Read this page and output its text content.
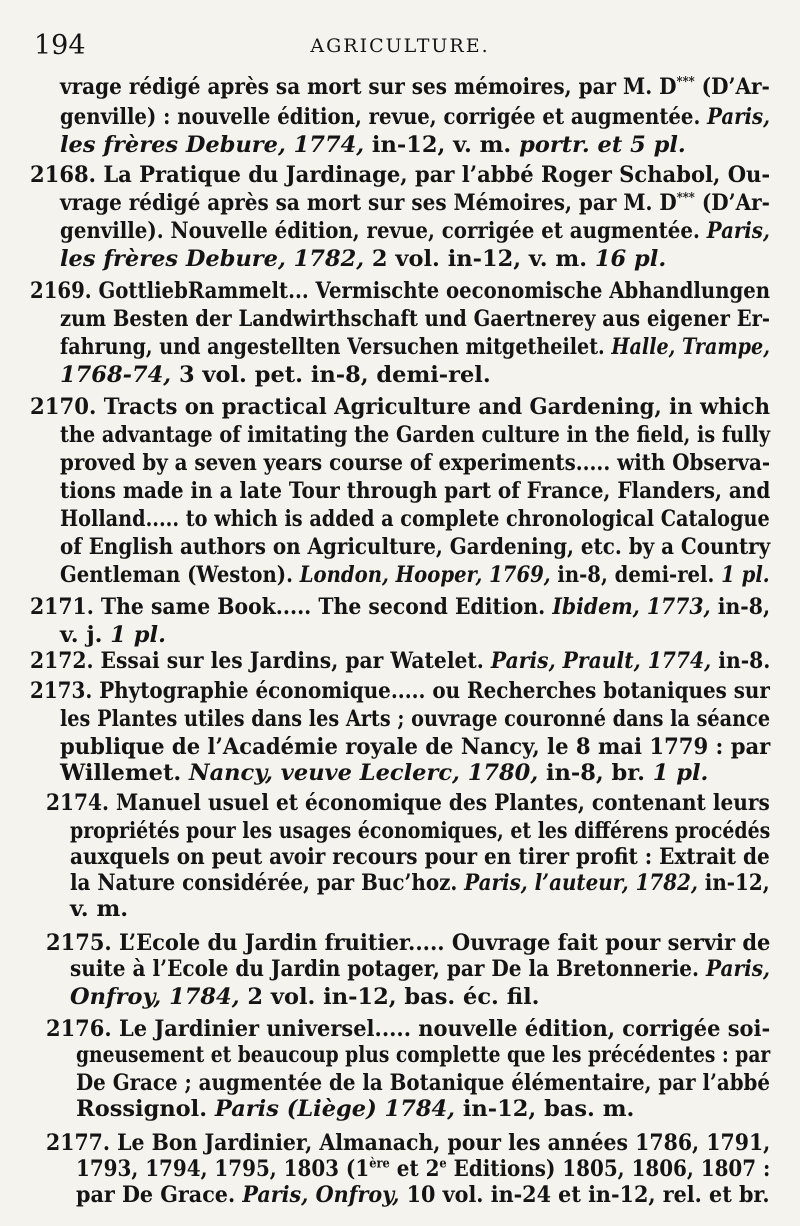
194	AGRICULTURE.
vrage rédigé après sa mort sur ses mémoires, par M. D*** (D’Ar-
genville) : nouvelle édition, revue, corrigée et augmentée. Paris,
les frères Debure, 1774, in-12, v. m. portr. et 5 pl.
2168. La Pratique du Jardinage, par l’abbé Roger Schabol, Ou-
vrage rédigé après sa mort sur ses Mémoires, par M. D*** (D’Ar-
genville). Nouvelle édition, revue, corrigée et augmentée. Paris,
les frères Debure, 1782, 2 vol. in-12, v. m. 16 pl.
2169. GottliebRammelt... Vermischte oeconomische Abhandlungen
zum Besten der Landwirthschaft und Gaertnerey aus eigener Er-
fahrung, und angestellten Versuchen mitgetheilet. Halle, Trampe,
1768-74, 3 vol. pet. in-8, demi-rel.
2170. Tracts on practical Agriculture and Gardening, in which
the advantage of imitating the Garden culture in the field, is fully
proved by a seven years course of experiments..... with Observa-
tions made in a late Tour through part of France, Flanders, and
Holland..... to which is added a complete chronological Catalogue
of English authors on Agriculture, Gardening, etc. by a Country
Gentleman (Weston). London, Hooper, 1769, in-8, demi-rel. 1 pl.
2171. The same Book..... The second Edition. Ibidem, 1773, in-8,
v. j. 1 pl.
2172. Essai sur les Jardins, par Watelet. Paris, Prault, 1774, in-8.
2173. Phytographie économique..... ou Recherches botaniques sur
les Plantes utiles dans les Arts ; ouvrage couronné dans la séance
publique de l’Académie royale de Nancy, le 8 mai 1779 : par
Willemet. Nancy, veuve Leclerc, 1780, in-8, br. 1 pl.
2174. Manuel usuel et économique des Plantes, contenant leurs
propriétés pour les usages économiques, et les différens procédés
auxquels on peut avoir recours pour en tirer profit : Extrait de
la Nature considérée, par Buc’hoz. Paris, l’auteur, 1782, in-12,
v. m.
2175. L’Ecole du Jardin fruitier..... Ouvrage fait pour servir de
suite à l’Ecole du Jardin potager, par De la Bretonnerie. Paris,
Onfroy, 1784, 2 vol. in-12, bas. éc. fil.
2176. Le Jardinier universel..... nouvelle édition, corrigée soi-
gneusement et beaucoup plus complette que les précédentes : par
De Grace ; augmentée de la Botanique élémentaire, par l’abbé
Rossignol. Paris (Liège) 1784, in-12, bas. m.
2177. Le Bon Jardinier, Almanach, pour les années 1786, 1791,
1793, 1794, 1795, 1803 (1ère et 2e Editions) 1805, 1806, 1807 :
par De Grace. Paris, Onfroy, 10 vol. in-24 et in-12, rel. et br.
